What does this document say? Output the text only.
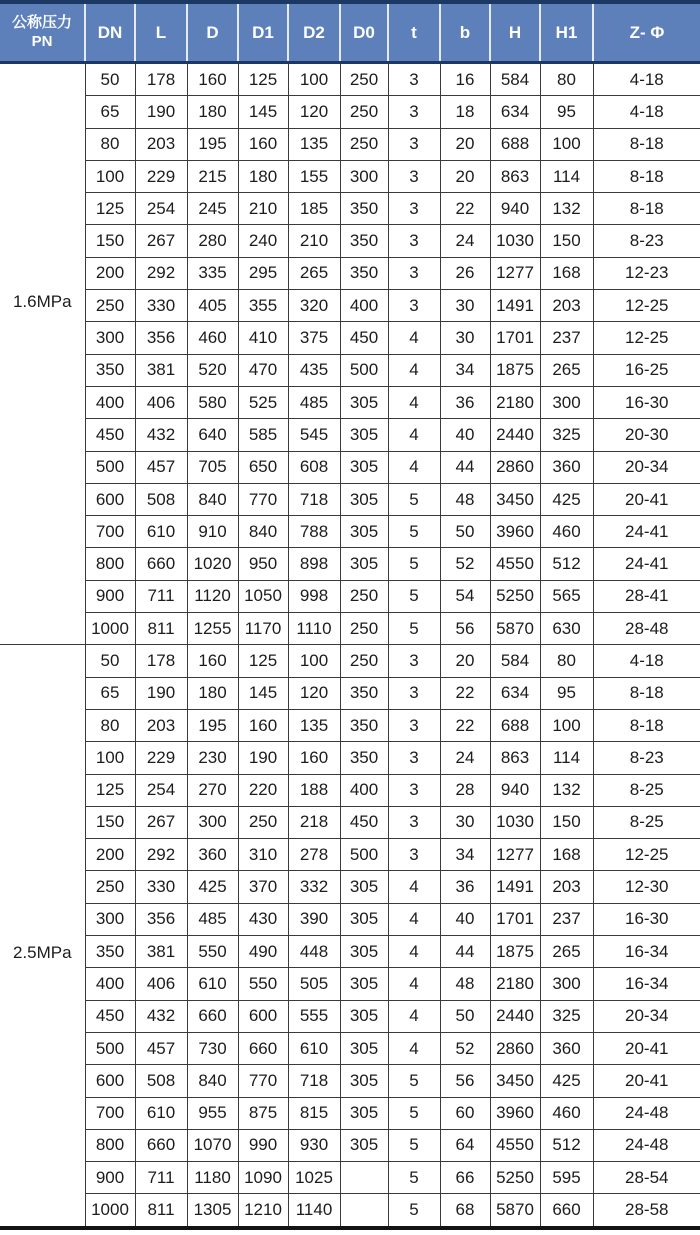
公称压力
PN	DN	L	D	D1	D2	D0	t	b	H	H1	Z- Φ

1.6MPa	50	178	160	125	100	250	3	16	584	80	4-18
	65	190	180	145	120	250	3	18	634	95	4-18
	80	203	195	160	135	250	3	20	688	100	8-18
	100	229	215	180	155	300	3	20	863	114	8-18
	125	254	245	210	185	350	3	22	940	132	8-18
	150	267	280	240	210	350	3	24	1030	150	8-23
	200	292	335	295	265	350	3	26	1277	168	12-23
	250	330	405	355	320	400	3	30	1491	203	12-25
	300	356	460	410	375	450	4	30	1701	237	12-25
	350	381	520	470	435	500	4	34	1875	265	16-25
	400	406	580	525	485	305	4	36	2180	300	16-30
	450	432	640	585	545	305	4	40	2440	325	20-30
	500	457	705	650	608	305	4	44	2860	360	20-34
	600	508	840	770	718	305	5	48	3450	425	20-41
	700	610	910	840	788	305	5	50	3960	460	24-41
	800	660	1020	950	898	305	5	52	4550	512	24-41
	900	711	1120	1050	998	250	5	54	5250	565	28-41
	1000	811	1255	1170	1110	250	5	56	5870	630	28-48

2.5MPa	50	178	160	125	100	250	3	20	584	80	4-18
	65	190	180	145	120	350	3	22	634	95	8-18
	80	203	195	160	135	350	3	22	688	100	8-18
	100	229	230	190	160	350	3	24	863	114	8-23
	125	254	270	220	188	400	3	28	940	132	8-25
	150	267	300	250	218	450	3	30	1030	150	8-25
	200	292	360	310	278	500	3	34	1277	168	12-25
	250	330	425	370	332	305	4	36	1491	203	12-30
	300	356	485	430	390	305	4	40	1701	237	16-30
	350	381	550	490	448	305	4	44	1875	265	16-34
	400	406	610	550	505	305	4	48	2180	300	16-34
	450	432	660	600	555	305	4	50	2440	325	20-34
	500	457	730	660	610	305	4	52	2860	360	20-41
	600	508	840	770	718	305	5	56	3450	425	20-41
	700	610	955	875	815	305	5	60	3960	460	24-48
	800	660	1070	990	930	305	5	64	4550	512	24-48
	900	711	1180	1090	1025		5	66	5250	595	28-54
	1000	811	1305	1210	1140		5	68	5870	660	28-58
